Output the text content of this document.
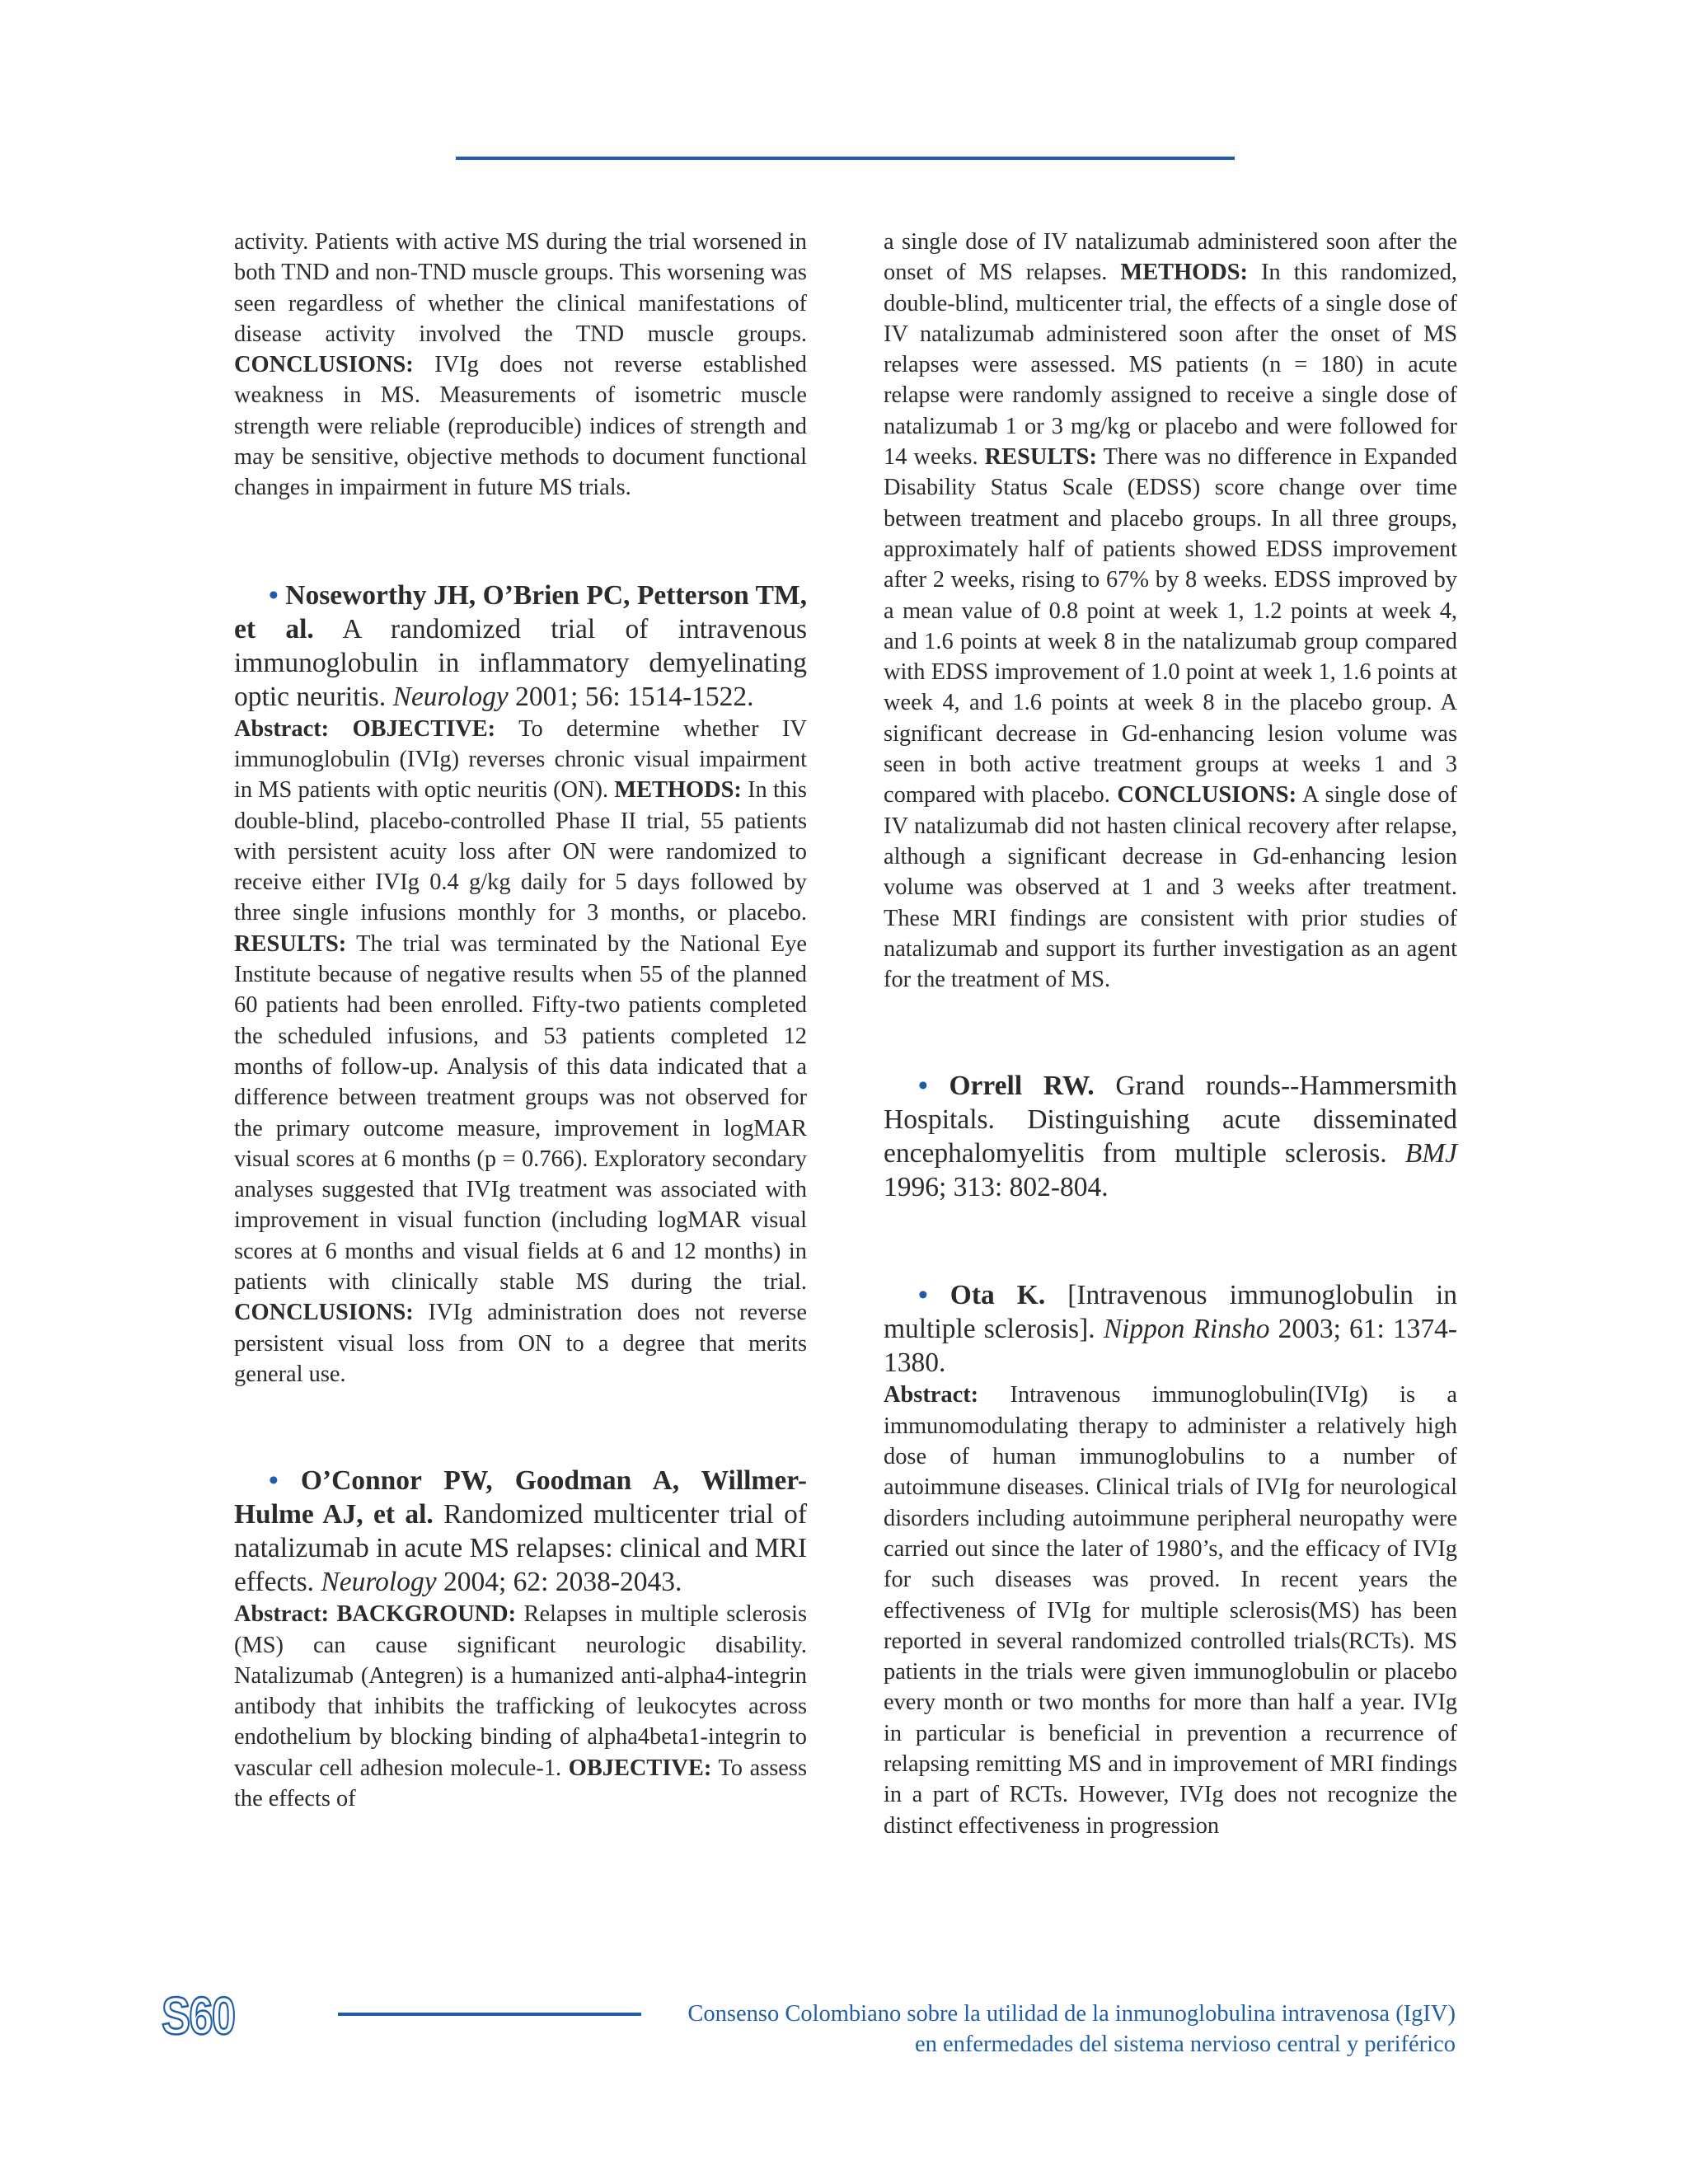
activity. Patients with active MS during the trial worsened in both TND and non-TND muscle groups. This worsening was seen regardless of whether the clinical manifestations of disease activity involved the TND muscle groups. CONCLUSIONS: IVIg does not reverse established weakness in MS. Measurements of isometric muscle strength were reliable (reproducible) indices of strength and may be sensitive, objective methods to document functional changes in impairment in future MS trials.

• Noseworthy JH, O’Brien PC, Petterson TM, et al. A randomized trial of intravenous immunoglobulin in inflammatory demyelinating optic neuritis. Neurology 2001; 56: 1514-1522.

Abstract: OBJECTIVE: To determine whether IV immunoglobulin (IVIg) reverses chronic visual impairment in MS patients with optic neuritis (ON). METHODS: In this double-blind, placebo-controlled Phase II trial, 55 patients with persistent acuity loss after ON were randomized to receive either IVIg 0.4 g/kg daily for 5 days followed by three single infusions monthly for 3 months, or placebo. RESULTS: The trial was terminated by the National Eye Institute because of negative results when 55 of the planned 60 patients had been enrolled. Fifty-two patients completed the scheduled infusions, and 53 patients completed 12 months of follow-up. Analysis of this data indicated that a difference between treatment groups was not observed for the primary outcome measure, improvement in logMAR visual scores at 6 months (p = 0.766). Exploratory secondary analyses suggested that IVIg treatment was associated with improvement in visual function (including logMAR visual scores at 6 months and visual fields at 6 and 12 months) in patients with clinically stable MS during the trial. CONCLUSIONS: IVIg administration does not reverse persistent visual loss from ON to a degree that merits general use.

• O’Connor PW, Goodman A, Willmer-Hulme AJ, et al. Randomized multicenter trial of natalizumab in acute MS relapses: clinical and MRI effects. Neurology 2004; 62: 2038-2043.

Abstract: BACKGROUND: Relapses in multiple sclerosis (MS) can cause significant neurologic disability. Natalizumab (Antegren) is a humanized anti-alpha4-integrin antibody that inhibits the trafficking of leukocytes across endothelium by blocking binding of alpha4beta1-integrin to vascular cell adhesion molecule-1. OBJECTIVE: To assess the effects of

a single dose of IV natalizumab administered soon after the onset of MS relapses. METHODS: In this randomized, double-blind, multicenter trial, the effects of a single dose of IV natalizumab administered soon after the onset of MS relapses were assessed. MS patients (n = 180) in acute relapse were randomly assigned to receive a single dose of natalizumab 1 or 3 mg/kg or placebo and were followed for 14 weeks. RESULTS: There was no difference in Expanded Disability Status Scale (EDSS) score change over time between treatment and placebo groups. In all three groups, approximately half of patients showed EDSS improvement after 2 weeks, rising to 67% by 8 weeks. EDSS improved by a mean value of 0.8 point at week 1, 1.2 points at week 4, and 1.6 points at week 8 in the natalizumab group compared with EDSS improvement of 1.0 point at week 1, 1.6 points at week 4, and 1.6 points at week 8 in the placebo group. A significant decrease in Gd-enhancing lesion volume was seen in both active treatment groups at weeks 1 and 3 compared with placebo. CONCLUSIONS: A single dose of IV natalizumab did not hasten clinical recovery after relapse, although a significant decrease in Gd-enhancing lesion volume was observed at 1 and 3 weeks after treatment. These MRI findings are consistent with prior studies of natalizumab and support its further investigation as an agent for the treatment of MS.

• Orrell RW. Grand rounds--Hammersmith Hospitals. Distinguishing acute disseminated encephalomyelitis from multiple sclerosis. BMJ 1996; 313: 802-804.

• Ota K. [Intravenous immunoglobulin in multiple sclerosis]. Nippon Rinsho 2003; 61: 1374-1380.

Abstract: Intravenous immunoglobulin(IVIg) is a immunomodulating therapy to administer a relatively high dose of human immunoglobulins to a number of autoimmune diseases. Clinical trials of IVIg for neurological disorders including autoimmune peripheral neuropathy were carried out since the later of 1980’s, and the efficacy of IVIg for such diseases was proved. In recent years the effectiveness of IVIg for multiple sclerosis(MS) has been reported in several randomized controlled trials(RCTs). MS patients in the trials were given immunoglobulin or placebo every month or two months for more than half a year. IVIg in particular is beneficial in prevention a recurrence of relapsing remitting MS and in improvement of MRI findings in a part of RCTs. However, IVIg does not recognize the distinct effectiveness in progression

S60	Consenso Colombiano sobre la utilidad de la inmunoglobulina intravenosa (IgIV)
en enfermedades del sistema nervioso central y periférico
